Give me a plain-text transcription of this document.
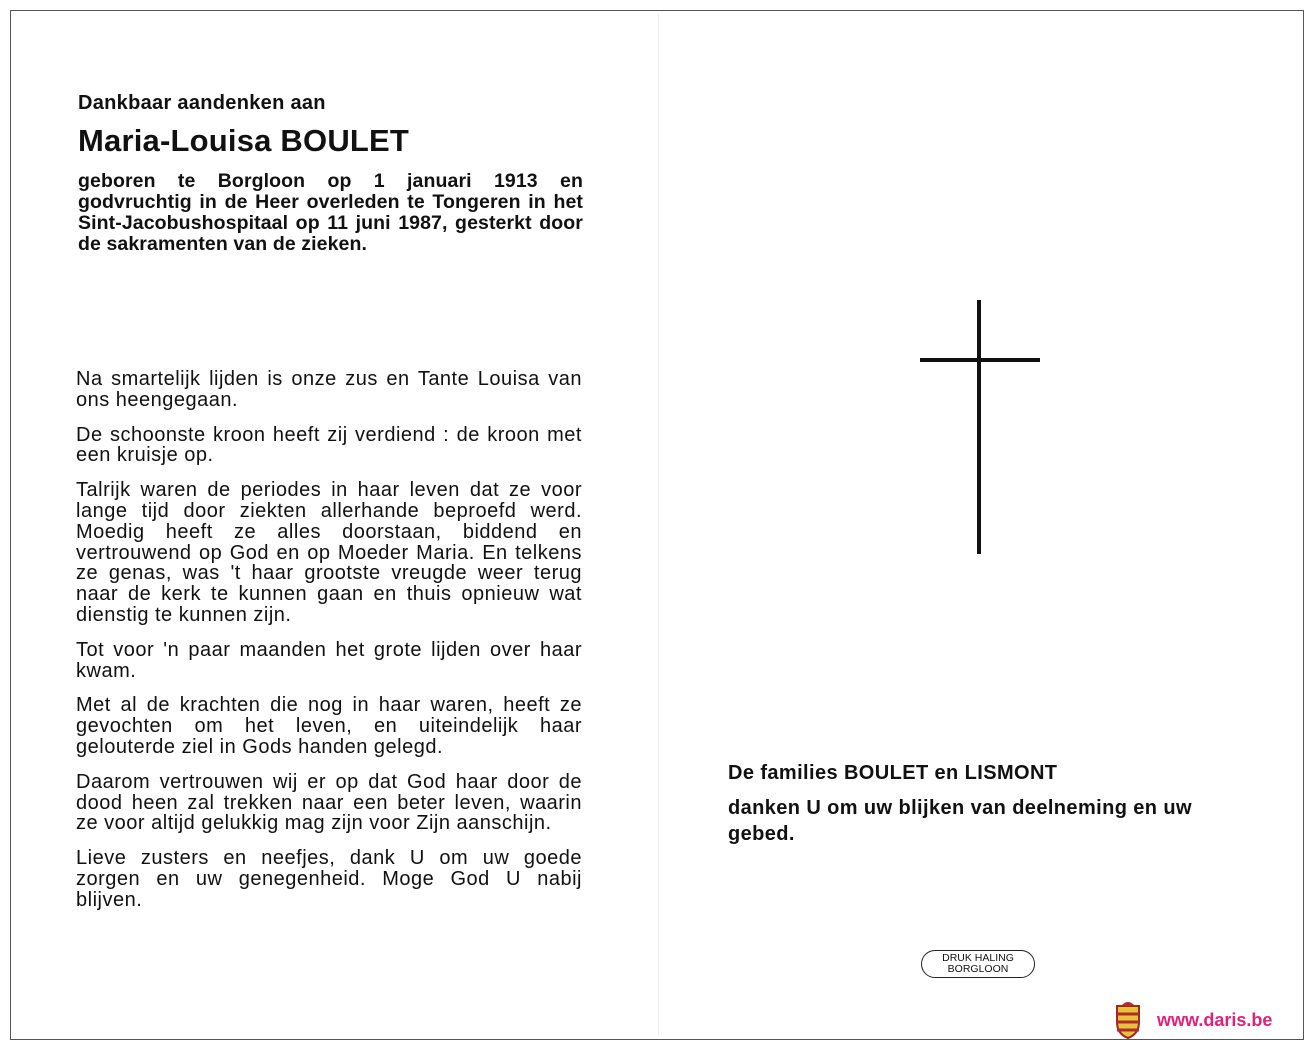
Dankbaar aandenken aan

Maria-Louisa BOULET

geboren te Borgloon op 1 januari 1913 en godvruchtig in de Heer overleden te Tongeren in het Sint-Jacobushospitaal op 11 juni 1987, gesterkt door de sakramenten van de zieken.

Na smartelijk lijden is onze zus en Tante Louisa van ons heengegaan.

De schoonste kroon heeft zij verdiend : de kroon met een kruisje op.

Talrijk waren de periodes in haar leven dat ze voor lange tijd door ziekten allerhande beproefd werd. Moedig heeft ze alles doorstaan, biddend en vertrouwend op God en op Moeder Maria. En telkens ze genas, was 't haar grootste vreugde weer terug naar de kerk te kunnen gaan en thuis opnieuw wat dienstig te kunnen zijn.

Tot voor 'n paar maanden het grote lijden over haar kwam.

Met al de krachten die nog in haar waren, heeft ze gevochten om het leven, en uiteindelijk haar gelouterde ziel in Gods handen gelegd.

Daarom vertrouwen wij er op dat God haar door de dood heen zal trekken naar een beter leven, waarin ze voor altijd gelukkig mag zijn voor Zijn aanschijn.

Lieve zusters en neefjes, dank U om uw goede zorgen en uw genegenheid. Moge God U nabij blijven.

De families BOULET en LISMONT

danken U om uw blijken van deelneming en uw gebed.

DRUK HALING
BORGLOON
www.daris.be
